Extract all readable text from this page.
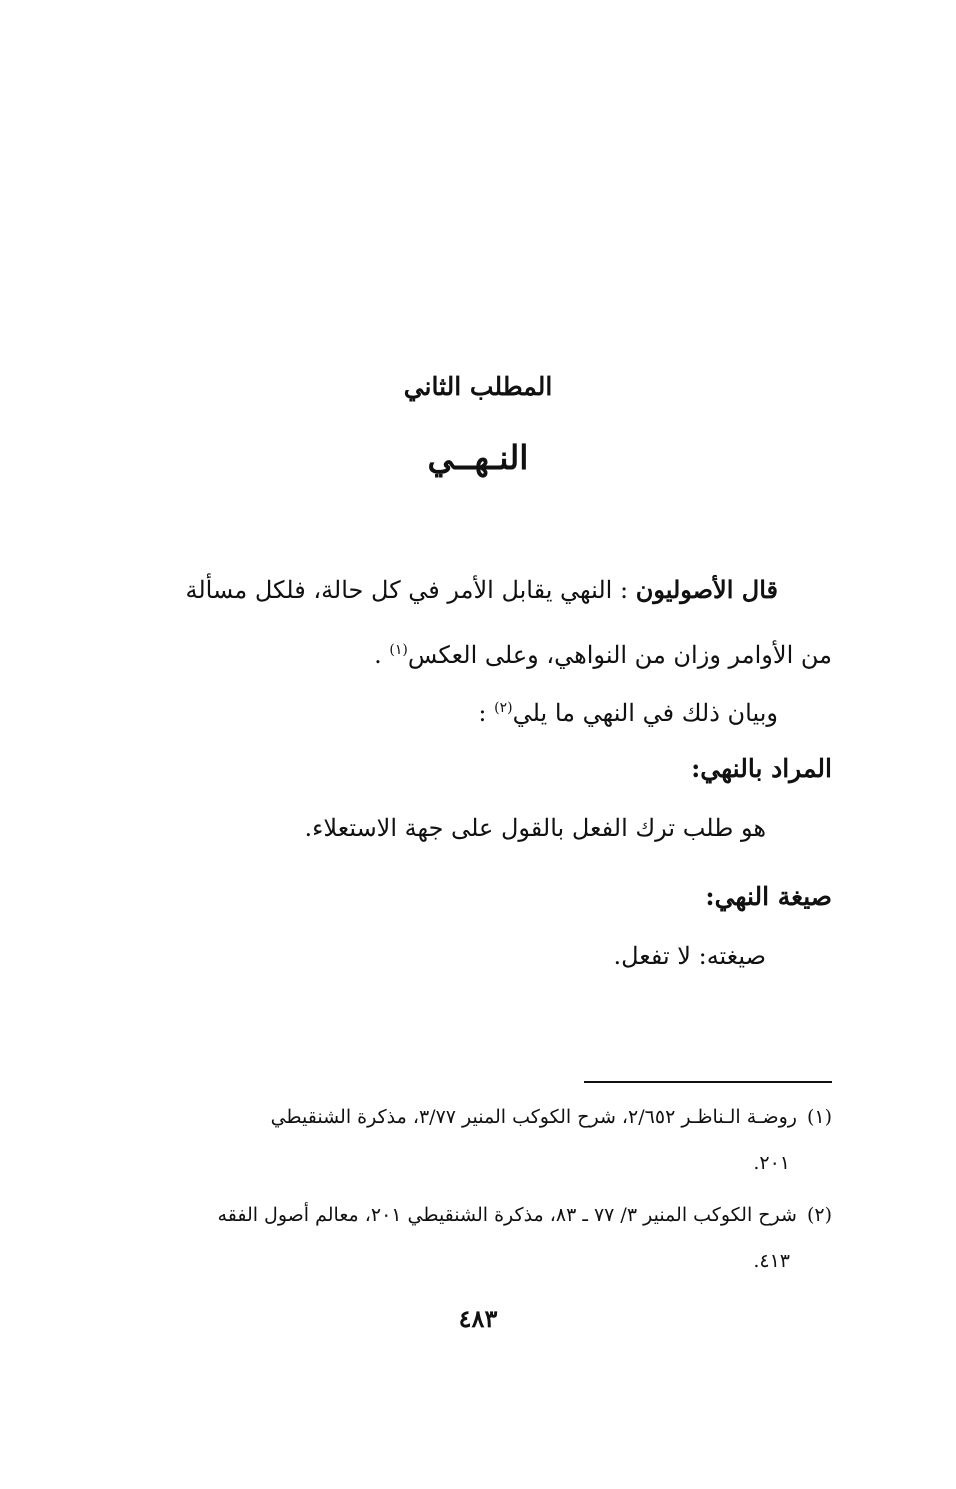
المطلب الثاني
النـهــي
قال الأصوليون : النهي يقابل الأمر في كل حالة، فلكل مسألة
من الأوامر وزان من النواهي، وعلى العكس$^{(١)}$ .
وبيان ذلك في النهي ما يلي$^{(٢)}$ :
المراد بالنهي:
هو طلب ترك الفعل بالقول على جهة الاستعلاء.
صيغة النهي:
صيغته: لا تفعل.
(١)روضـة الـناظـر ٢/٦٥٢، شرح الكوكب المنير ٣/٧٧، مذكرة الشنقيطي
٢٠١.
(٢)شرح الكوكب المنير ٣/ ٧٧ ـ ٨٣، مذكرة الشنقيطي ٢٠١، معالم أصول الفقه
٤١٣.
٤٨٣
